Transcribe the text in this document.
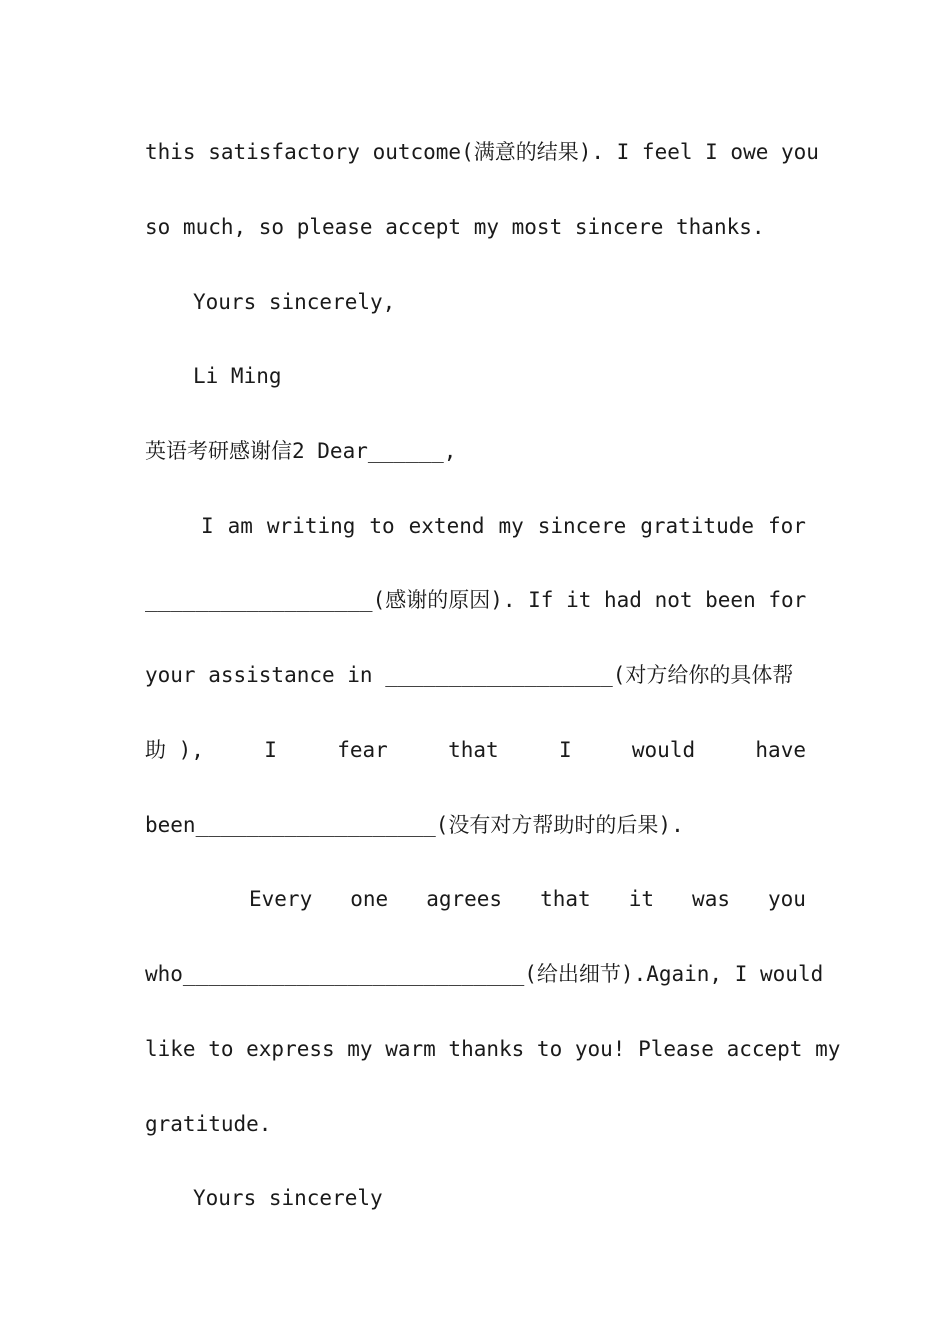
this satisfactory outcome(满意的结果). I feel I owe you
so much, so please accept my most sincere thanks.
Yours sincerely,
Li Ming
英语考研感谢信2 Dear______,
I am writing to extend my sincere gratitude for
__________________(感谢的原因). If it had not been for
your assistance in __________________(对方给你的具体帮
助 ),	I	fear	that	I	would	have
been___________________(没有对方帮助时的后果).
Every one agrees that it was you
who___________________________(给出细节).Again, I would
like to express my warm thanks to you! Please accept my
gratitude.
Yours sincerely
